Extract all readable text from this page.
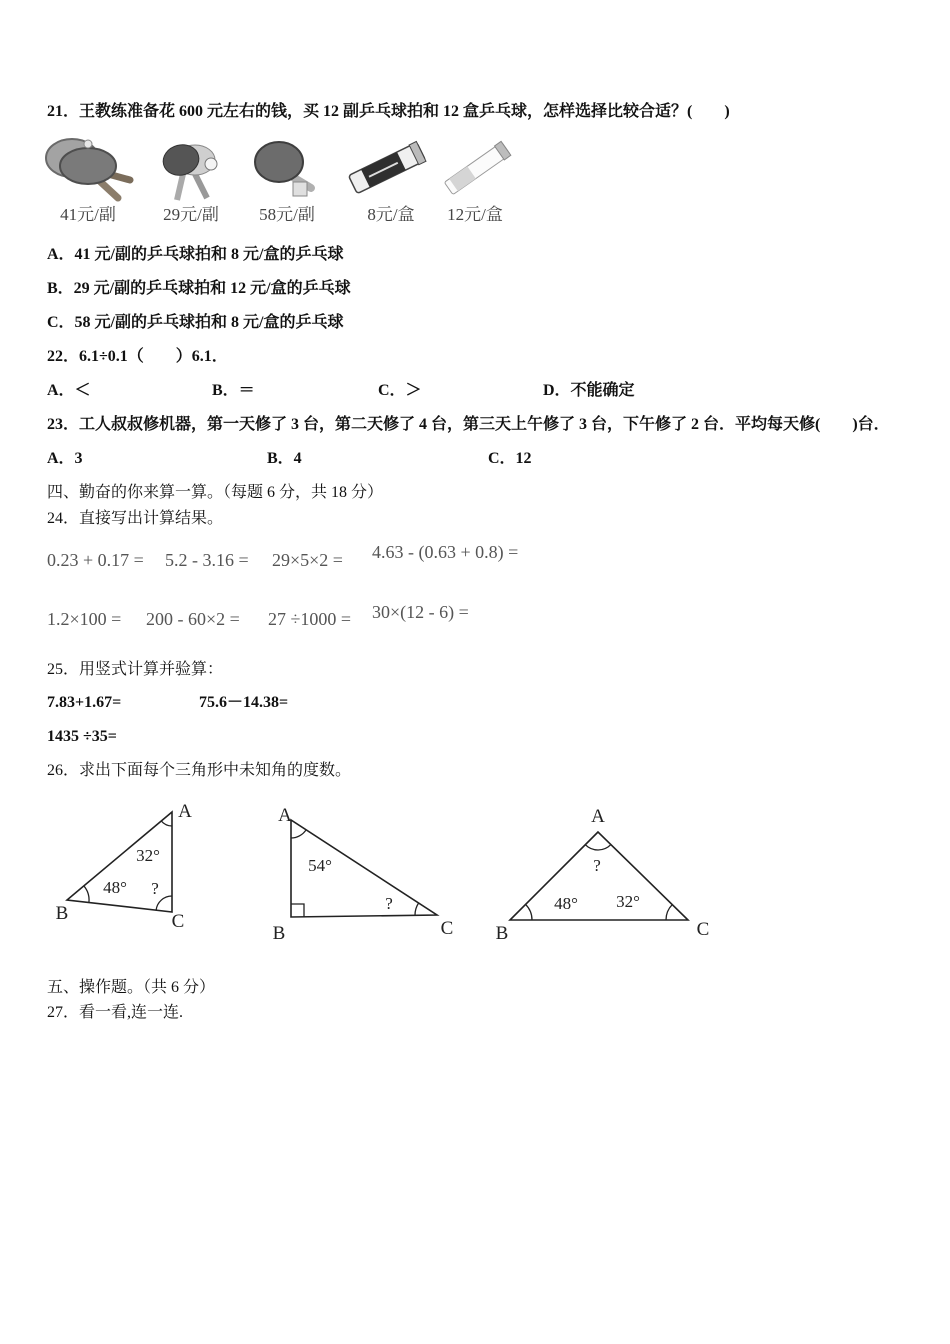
21．王教练准备花 600 元左右的钱，买 12 副乒乓球拍和 12 盒乒乓球，怎样选择比较合适？(　　)
41元/副	29元/副	58元/副	8元/盒	12元/盒
A．41 元/副的乒乓球拍和 8 元/盒的乒乓球
B．29 元/副的乒乓球拍和 12 元/盒的乒乓球
C．58 元/副的乒乓球拍和 8 元/盒的乒乓球
22．6.1÷0.1（　　）6.1．
A．＜	B．＝	C．＞	D．不能确定
23．工人叔叔修机器，第一天修了 3 台，第二天修了 4 台，第三天上午修了 3 台，下午修了 2 台．平均每天修(　　)台．
A．3	B．4	C．12
四、勤奋的你来算一算。（每题 6 分，共 18 分）
24．直接写出计算结果。
0.23 + 0.17 = 5.2 - 3.16 = 29×5×2 = 4.63 - (0.63 + 0.8) =
1.2×100 = 200 - 60×2 = 27 ÷1000 = 30×(12 - 6) =
25．用竖式计算并验算：
7.83+1.67=	75.6－14.38=
1435 ÷35=
26．求出下面每个三角形中未知角的度数。
A
B	C
32°
48° ?
A
B	C
54°
?
A
B	C
?
48° 32°
五、操作题。（共 6 分）
27．看一看,连一连.
